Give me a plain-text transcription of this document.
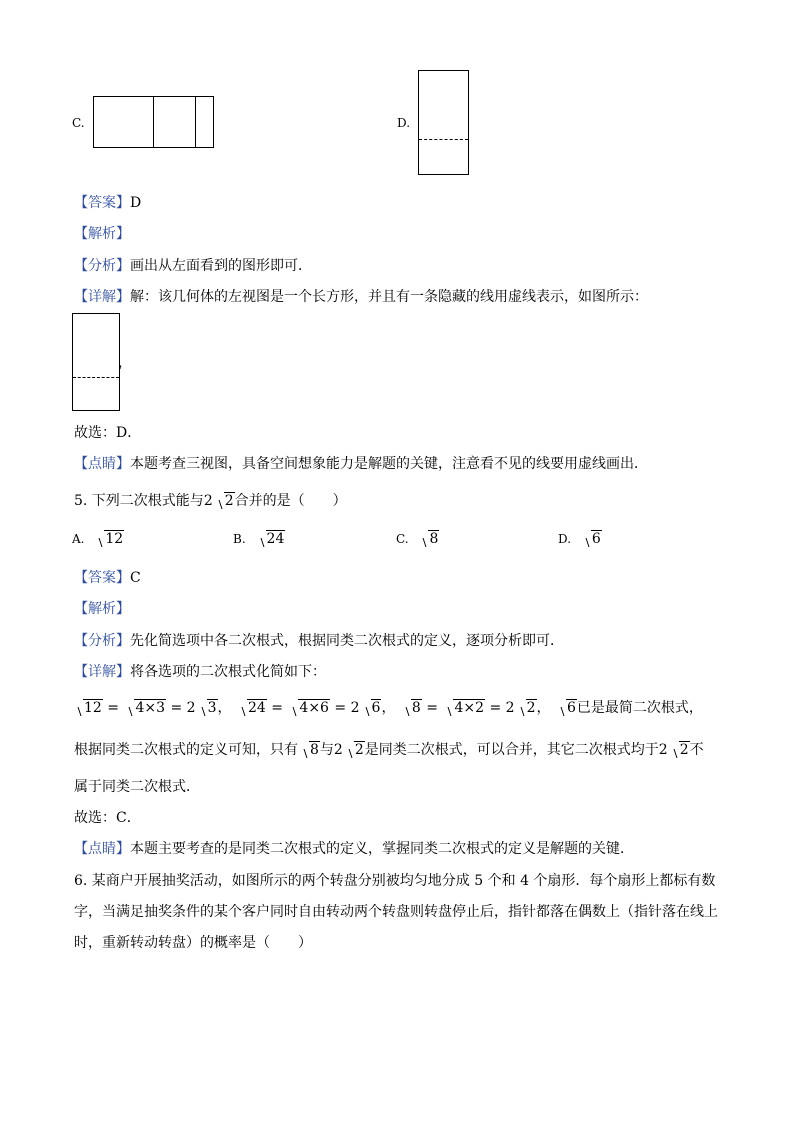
C.	D.
【答案】D
【解析】
【分析】画出从左面看到的图形即可．
【详解】解：该几何体的左视图是一个长方形，并且有一条隐藏的线用虚线表示，如图所示：
，
故选：D．
【点睛】本题考查三视图，具备空间想象能力是解题的关键，注意看不见的线要用虚线画出．
5. 下列二次根式能与2 2合并的是（　　）
A. 12	B. 24	C. 8	D. 6
【答案】C
【解析】
【分析】先化简选项中各二次根式，根据同类二次根式的定义，逐项分析即可．
【详解】将各选项的二次根式化简如下：
12 = 4×3 = 2 3， 24 = 4×6 = 2 6， 8 = 4×2 = 2 2， 6已是最简二次根式，
根据同类二次根式的定义可知，只有 8与2 2是同类二次根式，可以合并，其它二次根式均于2 2不
属于同类二次根式．
故选：C．
【点睛】本题主要考查的是同类二次根式的定义，掌握同类二次根式的定义是解题的关键．
6. 某商户开展抽奖活动，如图所示的两个转盘分别被均匀地分成 5 个和 4 个扇形．每个扇形上都标有数
字，当满足抽奖条件的某个客户同时自由转动两个转盘则转盘停止后，指针都落在偶数上（指针落在线上
时，重新转动转盘）的概率是（　　）
